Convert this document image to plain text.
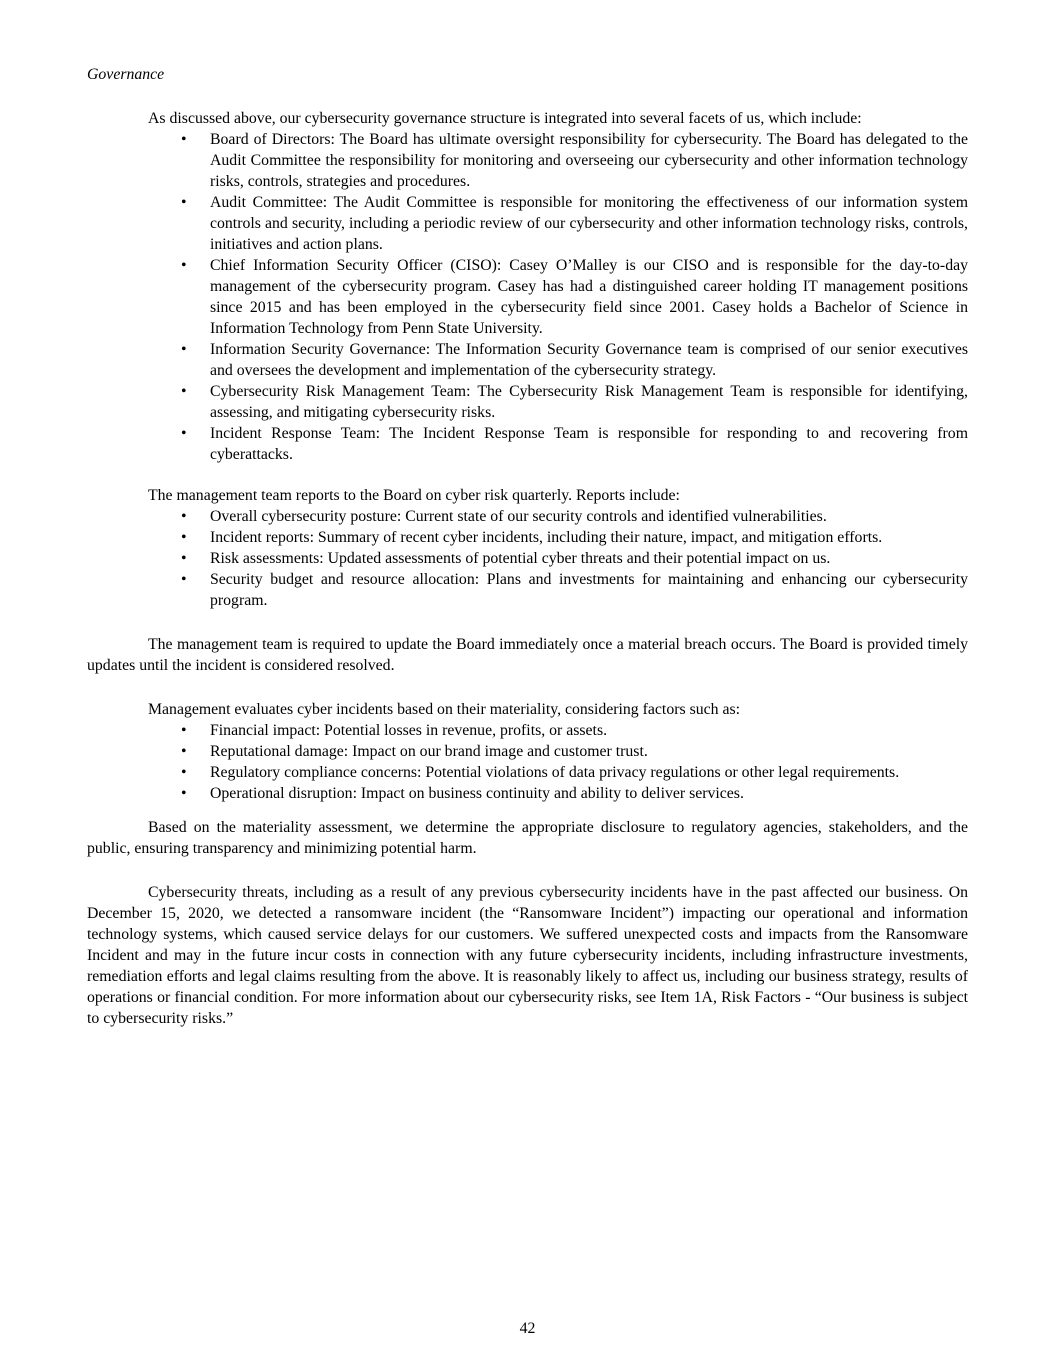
Governance

As discussed above, our cybersecurity governance structure is integrated into several facets of us, which include:

• Board of Directors: The Board has ultimate oversight responsibility for cybersecurity. The Board has delegated to the Audit Committee the responsibility for monitoring and overseeing our cybersecurity and other information technology risks, controls, strategies and procedures.
• Audit Committee: The Audit Committee is responsible for monitoring the effectiveness of our information system controls and security, including a periodic review of our cybersecurity and other information technology risks, controls, initiatives and action plans.
• Chief Information Security Officer (CISO): Casey O’Malley is our CISO and is responsible for the day-to-day management of the cybersecurity program. Casey has had a distinguished career holding IT management positions since 2015 and has been employed in the cybersecurity field since 2001. Casey holds a Bachelor of Science in Information Technology from Penn State University.
• Information Security Governance: The Information Security Governance team is comprised of our senior executives and oversees the development and implementation of the cybersecurity strategy.
• Cybersecurity Risk Management Team: The Cybersecurity Risk Management Team is responsible for identifying, assessing, and mitigating cybersecurity risks.
• Incident Response Team: The Incident Response Team is responsible for responding to and recovering from cyberattacks.

The management team reports to the Board on cyber risk quarterly. Reports include:

• Overall cybersecurity posture: Current state of our security controls and identified vulnerabilities.
• Incident reports: Summary of recent cyber incidents, including their nature, impact, and mitigation efforts.
• Risk assessments: Updated assessments of potential cyber threats and their potential impact on us.
• Security budget and resource allocation: Plans and investments for maintaining and enhancing our cybersecurity program.

The management team is required to update the Board immediately once a material breach occurs. The Board is provided timely updates until the incident is considered resolved.

Management evaluates cyber incidents based on their materiality, considering factors such as:

• Financial impact: Potential losses in revenue, profits, or assets.
• Reputational damage: Impact on our brand image and customer trust.
• Regulatory compliance concerns: Potential violations of data privacy regulations or other legal requirements.
• Operational disruption: Impact on business continuity and ability to deliver services.

Based on the materiality assessment, we determine the appropriate disclosure to regulatory agencies, stakeholders, and the public, ensuring transparency and minimizing potential harm.

Cybersecurity threats, including as a result of any previous cybersecurity incidents have in the past affected our business. On December 15, 2020, we detected a ransomware incident (the “Ransomware Incident”) impacting our operational and information technology systems, which caused service delays for our customers. We suffered unexpected costs and impacts from the Ransomware Incident and may in the future incur costs in connection with any future cybersecurity incidents, including infrastructure investments, remediation efforts and legal claims resulting from the above. It is reasonably likely to affect us, including our business strategy, results of operations or financial condition. For more information about our cybersecurity risks, see Item 1A, Risk Factors - “Our business is subject to cybersecurity risks.”

42
